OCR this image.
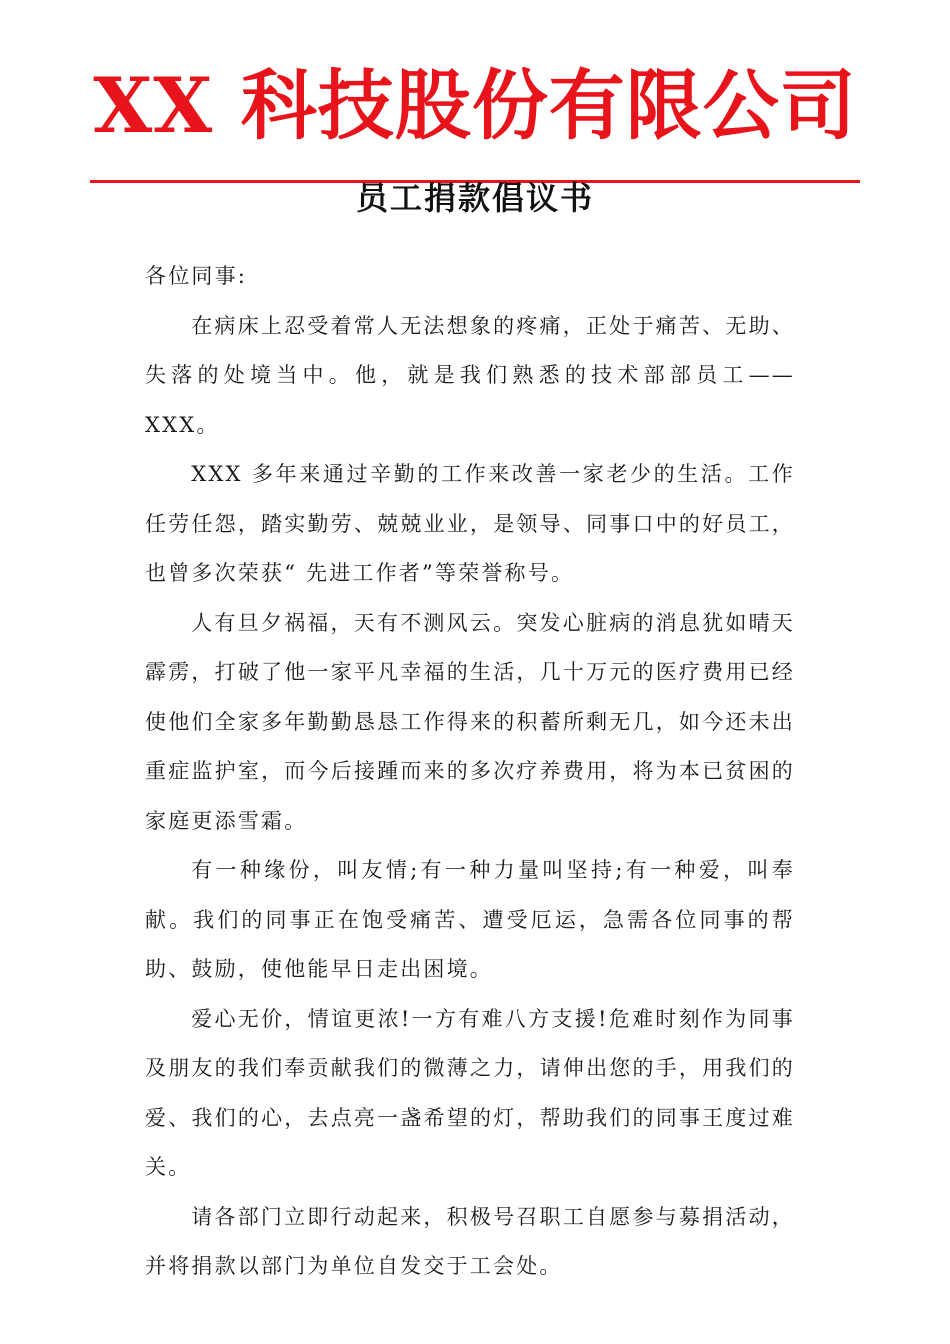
XX 科技股份有限公司
员工捐款倡议书

各位同事:

在病床上忍受着常人无法想象的疼痛，正处于痛苦、无助、失落的处境当中。他，就是我们熟悉的技术部部员工——XXX。

XXX 多年来通过辛勤的工作来改善一家老少的生活。工作任劳任怨，踏实勤劳、兢兢业业，是领导、同事口中的好员工，也曾多次荣获“ 先进工作者”等荣誉称号。

人有旦夕祸福，天有不测风云。突发心脏病的消息犹如晴天霹雳，打破了他一家平凡幸福的生活，几十万元的医疗费用已经使他们全家多年勤勤恳恳工作得来的积蓄所剩无几，如今还未出重症监护室，而今后接踵而来的多次疗养费用，将为本已贫困的家庭更添雪霜。

有一种缘份，叫友情;有一种力量叫坚持;有一种爱，叫奉献。我们的同事正在饱受痛苦、遭受厄运，急需各位同事的帮助、鼓励，使他能早日走出困境。

爱心无价，情谊更浓!一方有难八方支援!危难时刻作为同事及朋友的我们奉贡献我们的微薄之力，请伸出您的手，用我们的爱、我们的心，去点亮一盏希望的灯，帮助我们的同事王度过难关。

请各部门立即行动起来，积极号召职工自愿参与募捐活动，并将捐款以部门为单位自发交于工会处。
